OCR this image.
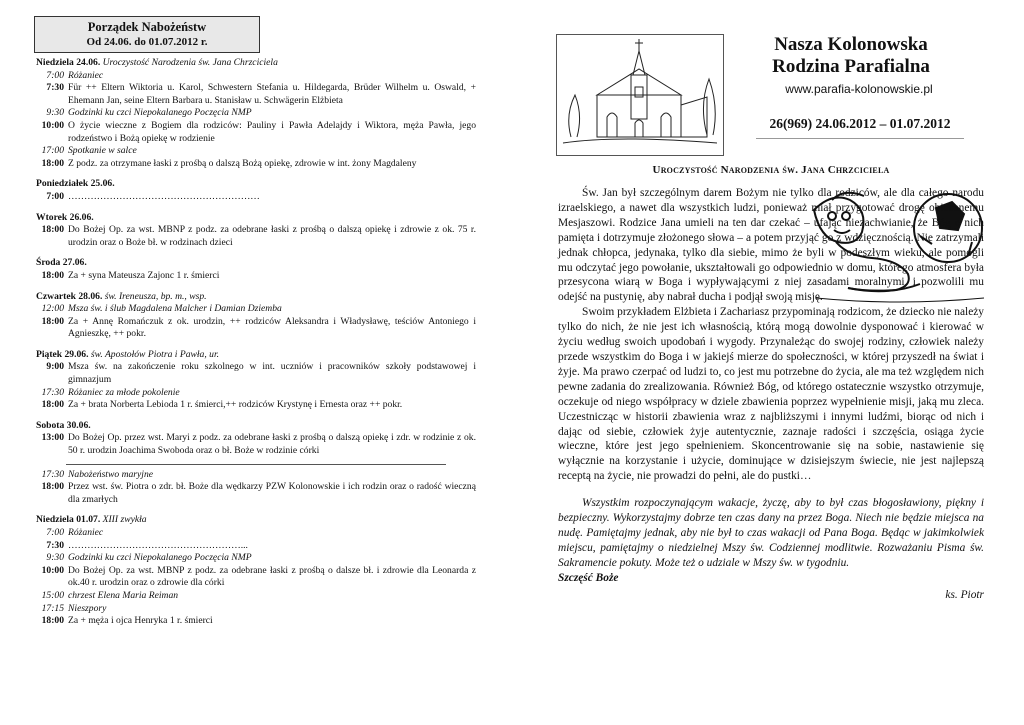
Porządek Nabożeństw
Od 24.06. do 01.07.2012 r.
Niedziela 24.06. Uroczystość Narodzenia św. Jana Chrzciciela
7:00 Różaniec
7:30 Für ++ Eltern Wiktoria u. Karol, Schwestern Stefania u. Hildegarda, Brüder Wilhelm u. Oswald, + Ehemann Jan, seine Eltern Barbara u. Stanisław u. Schwägerin Elżbieta
9:30 Godzinki ku czci Niepokalanego Poczęcia NMP
10:00 O życie wieczne z Bogiem dla rodziców: Pauliny i Pawła Adelajdy i Wiktora, męża Pawła, jego rodzeństwo i Bożą opiekę w rodzienie
17:00 Spotkanie w salce
18:00 Z podz. za otrzymane łaski z prośbą o dalszą Bożą opiekę, zdrowie w int. żony Magdaleny
Poniedziałek 25.06.
7:00 ……………………………………………………
Wtorek 26.06.
18:00 Do Bożej Op. za wst. MBNP z podz. za odebrane łaski z prośbą o dalszą opiekę i zdrowie z ok. 75 r. urodzin oraz o Boże bł. w rodzinach dzieci
Środa 27.06.
18:00 Za + syna Mateusza Zajonc 1 r. śmierci
Czwartek 28.06. św. Ireneusza, bp. m., wsp.
12:00 Msza św. i ślub Magdalena Malcher i Damian Dziemba
18:00 Za + Annę Romańczuk z ok. urodzin, ++ rodziców Aleksandra i Władysławę, teściów Antoniego i Agnieszkę, ++ pokr.
Piątek 29.06. św. Apostołów Piotra i Pawła, ur.
9:00 Msza św. na zakończenie roku szkolnego w int. uczniów i pracowników szkoły podstawowej i gimnazjum
17:30 Różaniec za młode pokolenie
18:00 Za + brata Norberta Lebioda 1 r. śmierci,++ rodziców Krystynę i Ernesta oraz ++ pokr.
Sobota 30.06.
13:00 Do Bożej Op. przez wst. Maryi z podz. za odebrane łaski z prośbą o dalszą opiekę i zdr. w rodzinie z ok. 50 r. urodzin Joachima Swoboda oraz o bł. Boże w rodzinie córki
17:30 Nabożeństwo maryjne
18:00 Przez wst. św. Piotra o zdr. bł. Boże dla wędkarzy PZW Kolonowskie i ich rodzin oraz o radość wieczną dla zmarłych
Niedziela 01.07. XIII zwykła
7:00 Różaniec
7:30 ………………………………………………...
9:30 Godzinki ku czci Niepokalanego Poczęcia NMP
10:00 Do Bożej Op. za wst. MBNP z podz. za odebrane łaski z prośbą o dalsze bł. i zdrowie dla Leonarda z ok.40 r. urodzin oraz o zdrowie dla córki
15:00 chrzest Elena Maria Reiman
17:15 Nieszpory
18:00 Za + męża i ojca Henryka 1 r. śmierci
Nasza Kolonowska
Rodzina Parafialna
www.parafia-kolonowskie.pl
26(969) 24.06.2012 – 01.07.2012
Uroczystość Narodzenia św. Jana Chrzciciela

Św. Jan był szczególnym darem Bożym nie tylko dla rodziców, ale dla całego narodu izraelskiego, a nawet dla wszystkich ludzi, ponieważ miał przygotować drogę obiecanemu Mesjaszowi. Rodzice Jana umieli na ten dar czekać – ufając niezachwianie, że Bóg o nich pamięta i dotrzymuje złożonego słowa – a potem przyjąć go z wdzięcznością. Nie zatrzymali jednak chłopca, jedynaka, tylko dla siebie, mimo że byli w podeszłym wieku, ale pomogli mu odczytać jego powołanie, ukształtowali go odpowiednio w domu, którego atmosfera była przesycona wiarą w Boga i wypływającymi z niej zasadami moralnymi, i pozwolili mu odejść na pustynię, aby nabrał ducha i podjął swoją misję.

Swoim przykładem Elżbieta i Zachariasz przypominają rodzicom, że dziecko nie należy tylko do nich, że nie jest ich własnością, którą mogą dowolnie dysponować i kierować w życiu według swoich upodobań i wygody. Przynależąc do swojej rodziny, człowiek należy przede wszystkim do Boga i w jakiejś mierze do społeczności, w której przyszedł na świat i żyje. Ma prawo czerpać od ludzi to, co jest mu potrzebne do życia, ale ma też względem nich pewne zadania do zrealizowania. Również Bóg, od którego ostatecznie wszystko otrzymuje, oczekuje od niego współpracy w dziele zbawienia poprzez wypełnienie misji, jaką mu zleca. Uczestnicząc w historii zbawienia wraz z najbliższymi i innymi ludźmi, biorąc od nich i dając od siebie, człowiek żyje autentycznie, zaznaje radości i szczęścia, osiąga życie wieczne, które jest jego spełnieniem. Skoncentrowanie się na sobie, nastawienie się wyłącznie na korzystanie i użycie, dominujące w dzisiejszym świecie, nie jest najlepszą receptą na życie, nie prowadzi do pełni, ale do pustki…

Wszystkim rozpoczynającym wakacje, życzę, aby to był czas błogosławiony, piękny i bezpieczny. Wykorzystajmy dobrze ten czas dany na przez Boga. Niech nie będzie miejsca na nudę. Pamiętajmy jednak, aby nie był to czas wakacji od Pana Boga. Będąc w jakimkolwiek miejscu, pamiętajmy o niedzielnej Mszy św. Codziennej modlitwie. Rozważaniu Pisma św. Sakramencie pokuty. Może też o udziale w Mszy św. w tygodniu.

Szczęść Boże

ks. Piotr
